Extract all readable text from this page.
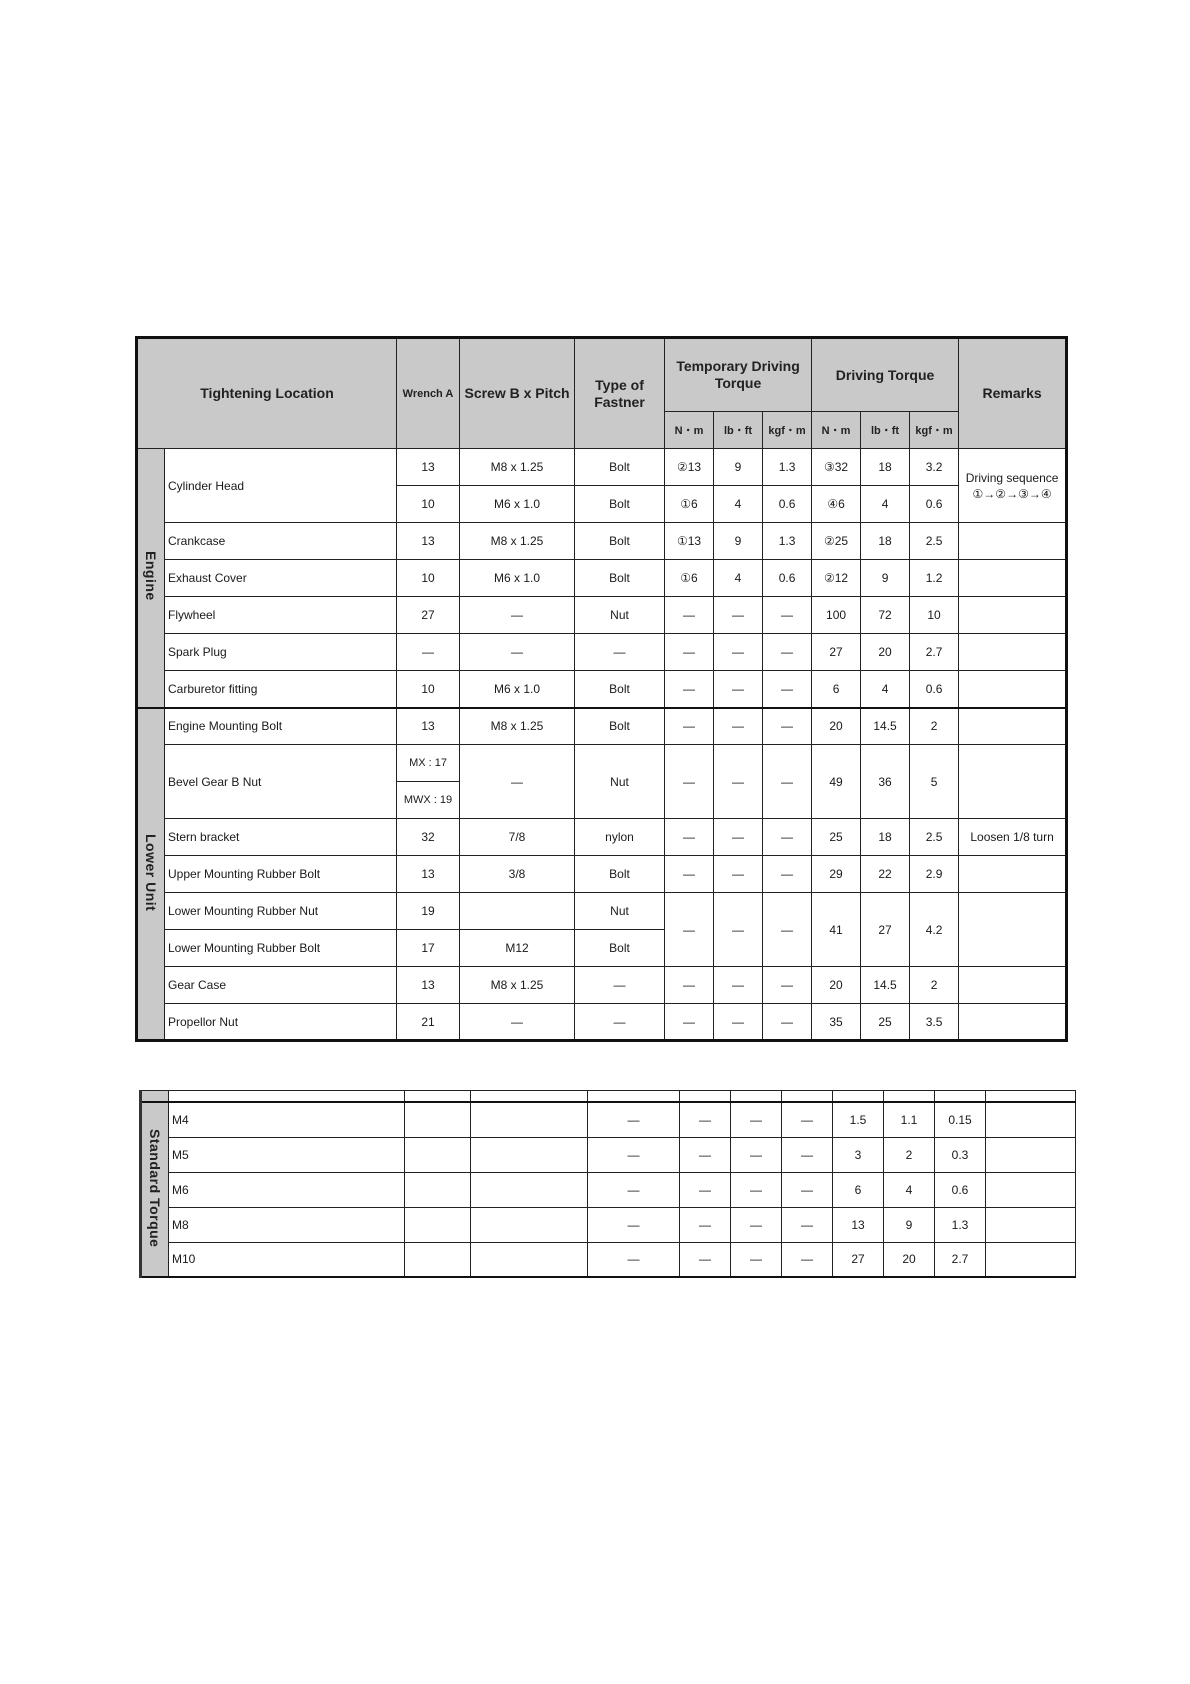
Tightening Location		Wrench A	Screw B x Pitch	Type of Fastner	Temporary Driving Torque			Driving Torque			Remarks
					N・m	lb・ft	kgf・m	N・m	lb・ft	kgf・m	
Engine	Cylinder Head	13	M8 x 1.25	Bolt	②13	9	1.3	③32	18	3.2	Driving sequence
①→②→③→④

		10	M6 x 1.0	Bolt	①6	4	0.6	④6	4	0.6	
	Crankcase	13	M8 x 1.25	Bolt	①13	9	1.3	②25	18	2.5	
	Exhaust Cover	10	M6 x 1.0	Bolt	①6	4	0.6	②12	9	1.2	
	Flywheel	27	—	Nut	—	—	—	100	72	10	
	Spark Plug	—	—	—	—	—	—	27	20	2.7	
	Carburetor fitting	10	M6 x 1.0	Bolt	—	—	—	6	4	0.6	
Lower Unit	Engine Mounting Bolt	13	M8 x 1.25	Bolt	—	—	—	20	14.5	2	
	Bevel Gear B Nut	MX : 17	—	Nut	—	—	—	49	36	5	
		MWX : 19									
	Stern bracket	32	7/8	nylon	—	—	—	25	18	2.5	Loosen 1/8 turn
	Upper Mounting Rubber Bolt	13	3/8	Bolt	—	—	—	29	22	2.9	
	Lower Mounting Rubber Nut	19		Nut	—	—	—	41	27	4.2	
	Lower Mounting Rubber Bolt	17	M12	Bolt							
	Gear Case	13	M8 x 1.25	—	—	—	—	20	14.5	2	
	Propellor Nut	21	—	—	—	—	—	35	25	3.5	

Standard Torque	M4			—	—	—	—	1.5	1.1	0.15	
	M5			—	—	—	—	3	2	0.3	
	M6			—	—	—	—	6	4	0.6	
	M8			—	—	—	—	13	9	1.3	
	M10			—	—	—	—	27	20	2.7	
